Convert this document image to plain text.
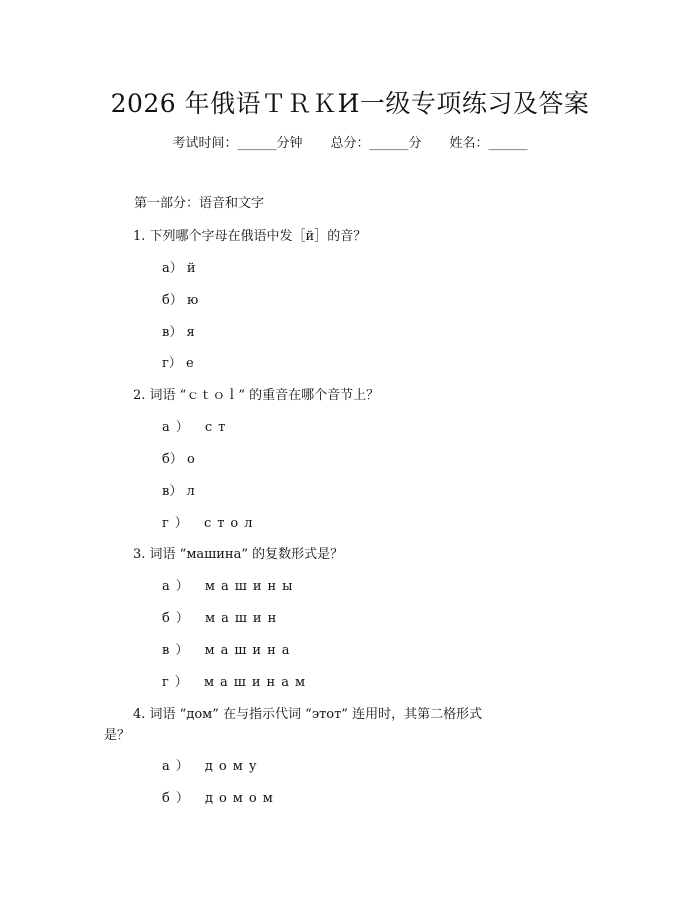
2026 年俄语ＴＲＫИ一级专项练习及答案
考试时间：______分钟 总分：______分 姓名：______
第一部分：语音和文字
1. 下列哪个字母在俄语中发［й］的音？
а） й
б） ю
в） я
г） е
2. 词语 “ｃｔｏｌ” 的重音在哪个音节上？
а） ст
б） о
в） л
г） стол
3. 词语 “машина” 的复数形式是？
а） машины
б） машин
в） машина
г） машинам
4. 词语 “дом” 在与指示代词 “этот” 连用时，其第二格形式
是？
а） дому
б） домом
